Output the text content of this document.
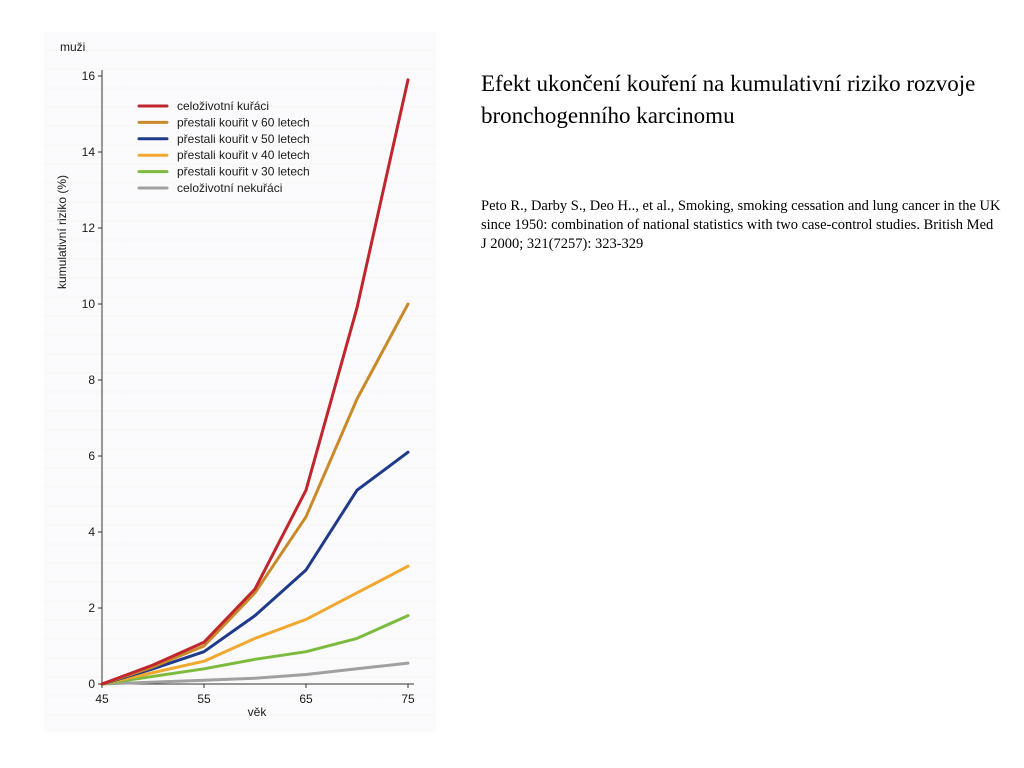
muži
kumulativní riziko (%)
věk
0
2
4
6
8
10
12
14
16
45	55	65	75
celoživotní kuřáci
přestali kouřit v 60 letech
přestali kouřit v 50 letech
přestali kouřit v 40 letech
přestali kouřit v 30 letech
celoživotní nekuřáci
Efekt ukončení kouření na kumulativní riziko rozvoje bronchogenního karcinomu

Peto R., Darby S., Deo H.., et al., Smoking, smoking cessation and lung cancer in the UK since 1950: combination of national statistics with two case-control studies. British Med J 2000; 321(7257): 323-329
